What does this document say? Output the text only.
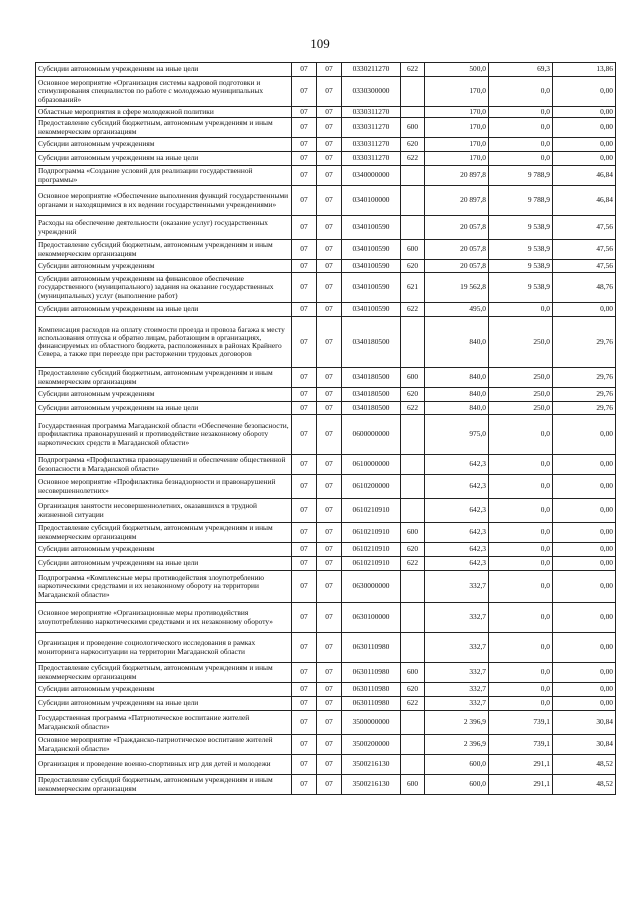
109
Субсидии автономным учреждениям на иные цели	07	07	0330211270	622	500,0	69,3	13,86
Основное мероприятие «Организация системы кадровой подготовки и стимулирования специалистов по работе с молодежью муниципальных образований»	07	07	0330300000		170,0	0,0	0,00
Областные мероприятия в сфере молодежной политики	07	07	0330311270		170,0	0,0	0,00
Предоставление субсидий бюджетным, автономным учреждениям и иным некоммерческим организациям	07	07	0330311270	600	170,0	0,0	0,00
Субсидии автономным учреждениям	07	07	0330311270	620	170,0	0,0	0,00
Субсидии автономным учреждениям на иные цели	07	07	0330311270	622	170,0	0,0	0,00
Подпрограмма «Создание условий для реализации государственной программы»	07	07	0340000000		20 897,8	9 788,9	46,84
Основное мероприятие «Обеспечение выполнения функций государственными органами и находящимися в их ведении государственными учреждениями»	07	07	0340100000		20 897,8	9 788,9	46,84
Расходы на обеспечение деятельности (оказание услуг) государственных учреждений	07	07	0340100590		20 057,8	9 538,9	47,56
Предоставление субсидий бюджетным, автономным учреждениям и иным некоммерческим организациям	07	07	0340100590	600	20 057,8	9 538,9	47,56
Субсидии автономным учреждениям	07	07	0340100590	620	20 057,8	9 538,9	47,56
Субсидии автономным учреждениям на финансовое обеспечение государственного (муниципального) задания на оказание государственных (муниципальных) услуг (выполнение работ)	07	07	0340100590	621	19 562,8	9 538,9	48,76
Субсидии автономным учреждениям на иные цели	07	07	0340100590	622	495,0	0,0	0,00
Компенсация расходов на оплату стоимости проезда и провоза багажа к месту использования отпуска и обратно лицам, работающим в организациях, финансируемых из областного бюджета, расположенных в районах Крайнего Севера, а также при переезде при расторжении трудовых договоров	07	07	0340180500		840,0	250,0	29,76
Предоставление субсидий бюджетным, автономным учреждениям и иным некоммерческим организациям	07	07	0340180500	600	840,0	250,0	29,76
Субсидии автономным учреждениям	07	07	0340180500	620	840,0	250,0	29,76
Субсидии автономным учреждениям на иные цели	07	07	0340180500	622	840,0	250,0	29,76
Государственная программа Магаданской области «Обеспечение безопасности, профилактика правонарушений и противодействие незаконному обороту наркотических средств в Магаданской области»	07	07	0600000000		975,0	0,0	0,00
Подпрограмма «Профилактика правонарушений и обеспечение общественной безопасности в Магаданской области»	07	07	0610000000		642,3	0,0	0,00
Основное мероприятие «Профилактика безнадзорности и правонарушений несовершеннолетних»	07	07	0610200000		642,3	0,0	0,00
Организация занятости несовершеннолетних, оказавшихся в трудной жизненной ситуации	07	07	0610210910		642,3	0,0	0,00
Предоставление субсидий бюджетным, автономным учреждениям и иным некоммерческим организациям	07	07	0610210910	600	642,3	0,0	0,00
Субсидии автономным учреждениям	07	07	0610210910	620	642,3	0,0	0,00
Субсидии автономным учреждениям на иные цели	07	07	0610210910	622	642,3	0,0	0,00
Подпрограмма «Комплексные меры противодействия злоупотреблению наркотическими средствами и их незаконному обороту на территории Магаданской области»	07	07	0630000000		332,7	0,0	0,00
Основное мероприятие «Организационные меры противодействия злоупотреблению наркотическими средствами и их незаконному обороту»	07	07	0630100000		332,7	0,0	0,00
Организация и проведение социологического исследования в рамках мониторинга наркоситуации на территории Магаданской области	07	07	0630110980		332,7	0,0	0,00
Предоставление субсидий бюджетным, автономным учреждениям и иным некоммерческим организациям	07	07	0630110980	600	332,7	0,0	0,00
Субсидии автономным учреждениям	07	07	0630110980	620	332,7	0,0	0,00
Субсидии автономным учреждениям на иные цели	07	07	0630110980	622	332,7	0,0	0,00
Государственная программа «Патриотическое воспитание жителей Магаданской области»	07	07	3500000000		2 396,9	739,1	30,84
Основное мероприятие «Гражданско-патриотическое воспитание жителей Магаданской области»	07	07	3500200000		2 396,9	739,1	30,84
Организация и проведение военно-спортивных игр для детей и молодежи	07	07	3500216130		600,0	291,1	48,52
Предоставление субсидий бюджетным, автономным учреждениям и иным некоммерческим организациям	07	07	3500216130	600	600,0	291,1	48,52
